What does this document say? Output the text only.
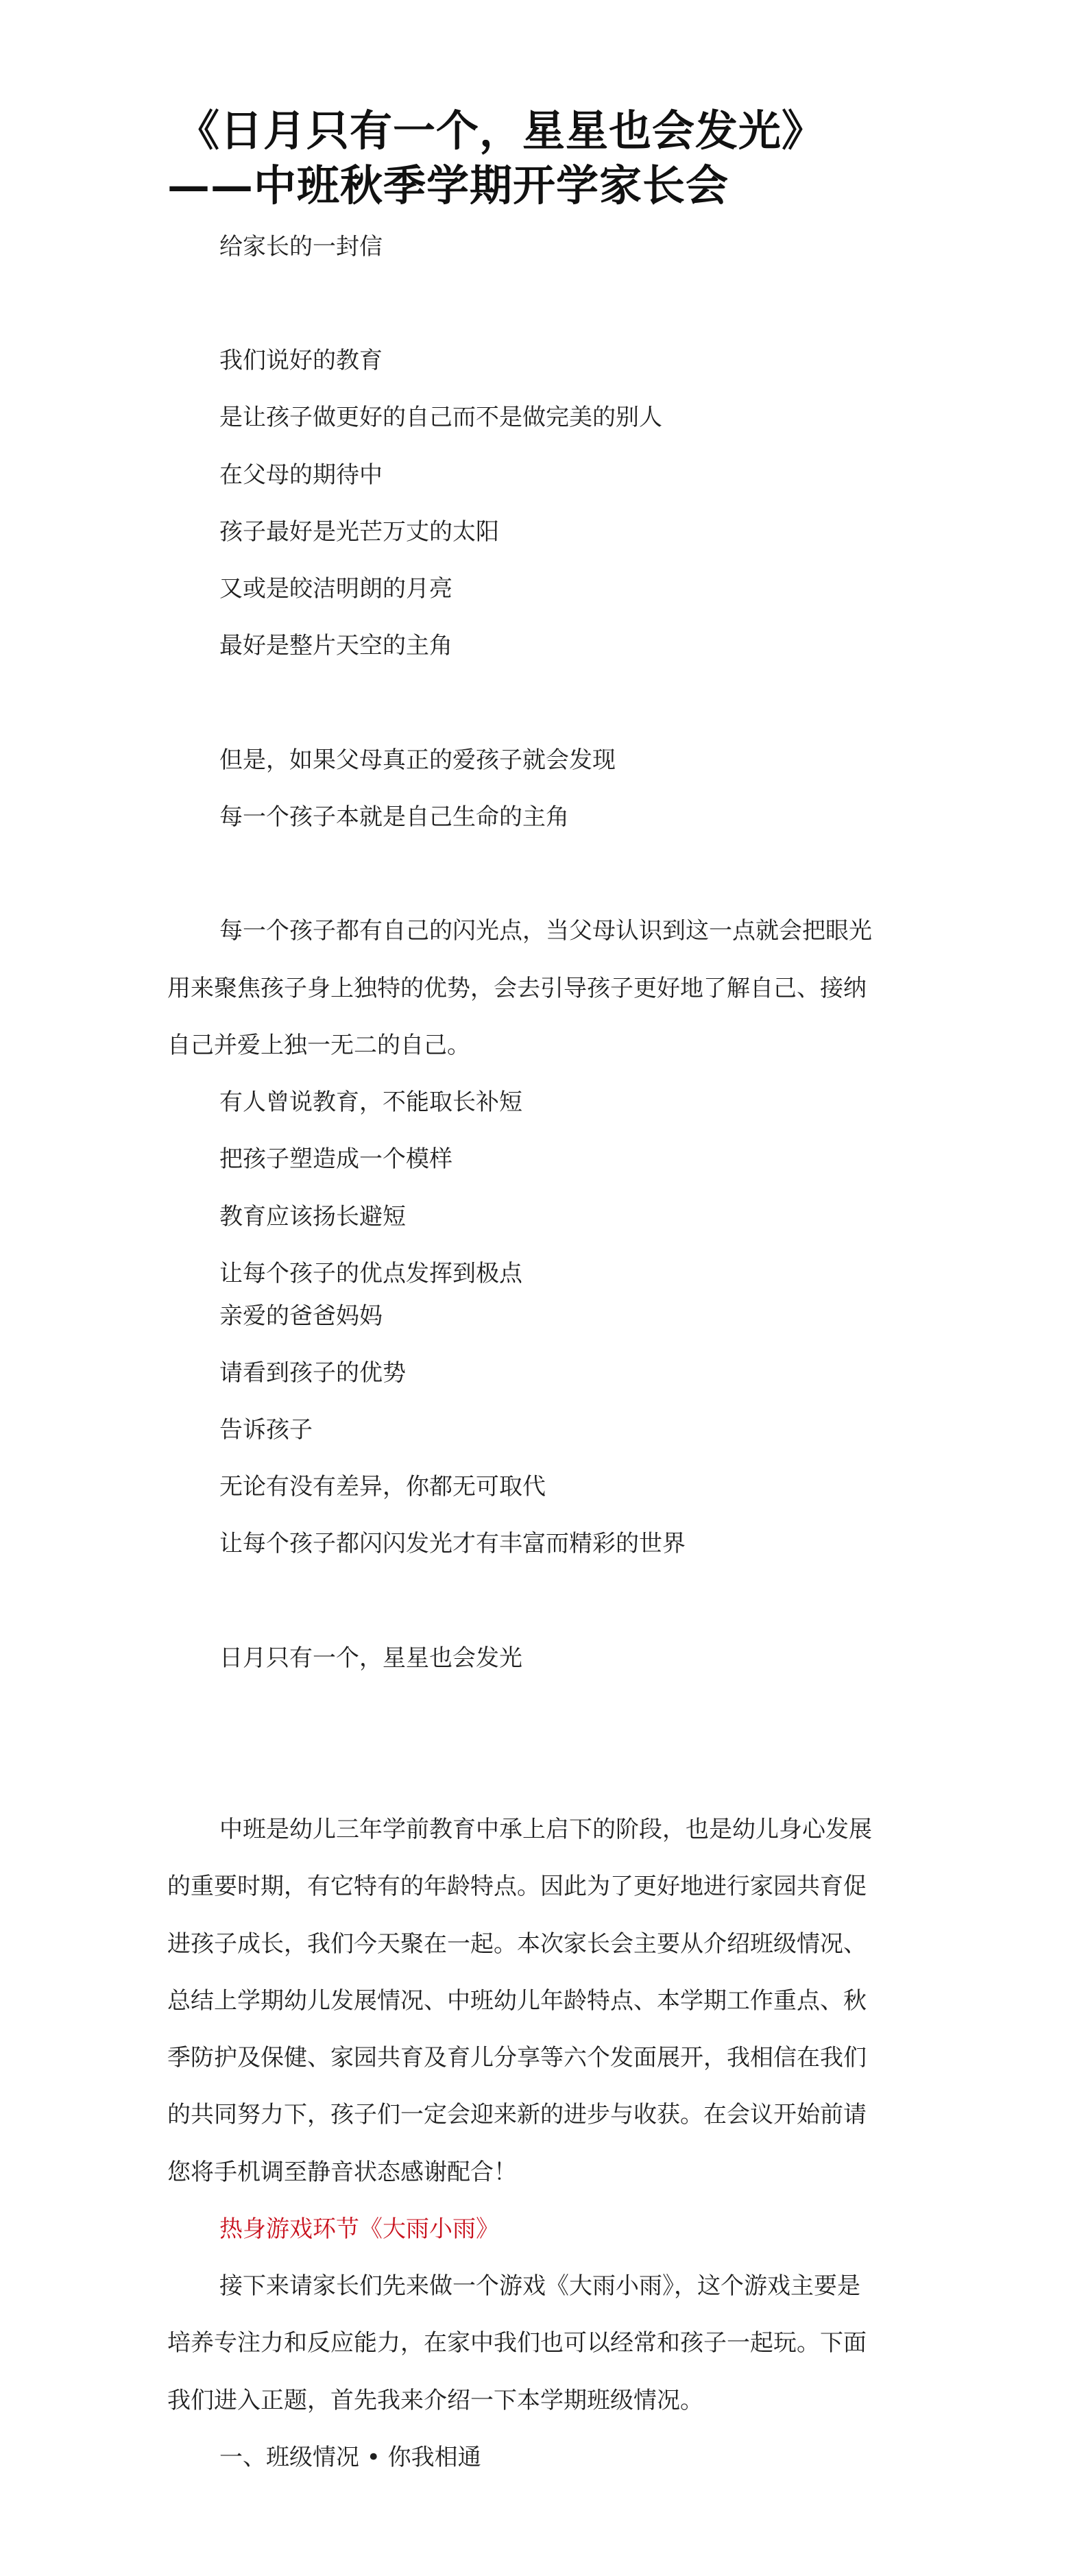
《日月只有一个，星星也会发光》
——中班秋季学期开学家长会
给家长的一封信
我们说好的教育
是让孩子做更好的自己而不是做完美的别人
在父母的期待中
孩子最好是光芒万丈的太阳
又或是皎洁明朗的月亮
最好是整片天空的主角
但是，如果父母真正的爱孩子就会发现
每一个孩子本就是自己生命的主角
每一个孩子都有自己的闪光点，当父母认识到这一点就会把眼光
用来聚焦孩子身上独特的优势，会去引导孩子更好地了解自己、接纳
自己并爱上独一无二的自己。
有人曾说教育，不能取长补短
把孩子塑造成一个模样
教育应该扬长避短
让每个孩子的优点发挥到极点
亲爱的爸爸妈妈
请看到孩子的优势
告诉孩子
无论有没有差异，你都无可取代
让每个孩子都闪闪发光才有丰富而精彩的世界
日月只有一个，星星也会发光
中班是幼儿三年学前教育中承上启下的阶段，也是幼儿身心发展
的重要时期，有它特有的年龄特点。因此为了更好地进行家园共育促
进孩子成长，我们今天聚在一起。本次家长会主要从介绍班级情况、
总结上学期幼儿发展情况、中班幼儿年龄特点、本学期工作重点、秋
季防护及保健、家园共育及育儿分享等六个发面展开，我相信在我们
的共同努力下，孩子们一定会迎来新的进步与收获。在会议开始前请
您将手机调至静音状态感谢配合！
热身游戏环节《大雨小雨》
接下来请家长们先来做一个游戏《大雨小雨》，这个游戏主要是
培养专注力和反应能力，在家中我们也可以经常和孩子一起玩。下面
我们进入正题，首先我来介绍一下本学期班级情况。
一、班级情况 • 你我相通
